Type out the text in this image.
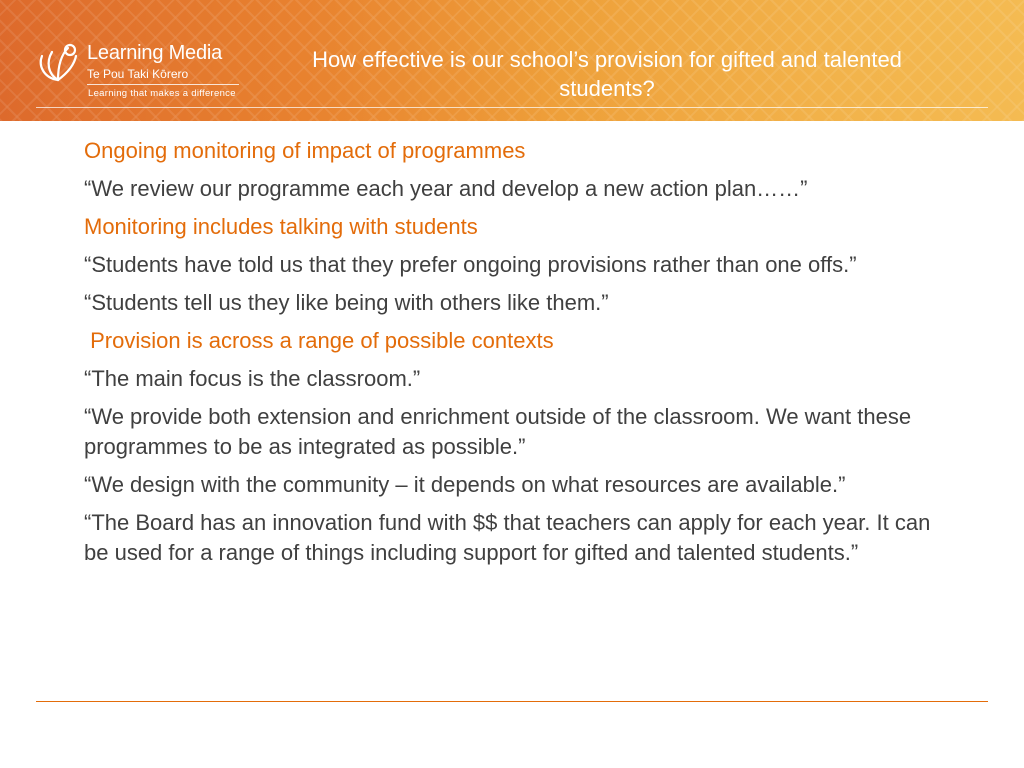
Learning Media
Te Pou Taki Kōrero
Learning that makes a difference
How effective is our school’s provision for gifted and talented students?

Ongoing monitoring of impact of programmes

“We review our programme each year and develop a new action plan……”

Monitoring includes talking with students

“Students have told us that they prefer ongoing provisions rather than one offs.”

“Students tell us they like being with others like them.”

Provision is across a range of possible contexts

“The main focus is the classroom.”

“We provide both extension and enrichment outside of the classroom. We want these programmes to be as integrated as possible.”

“We design with the community – it depends on what resources are available.”

“The Board has an innovation fund with $$ that teachers can apply for each year. It can be used for a range of things including support for gifted and talented students.”
